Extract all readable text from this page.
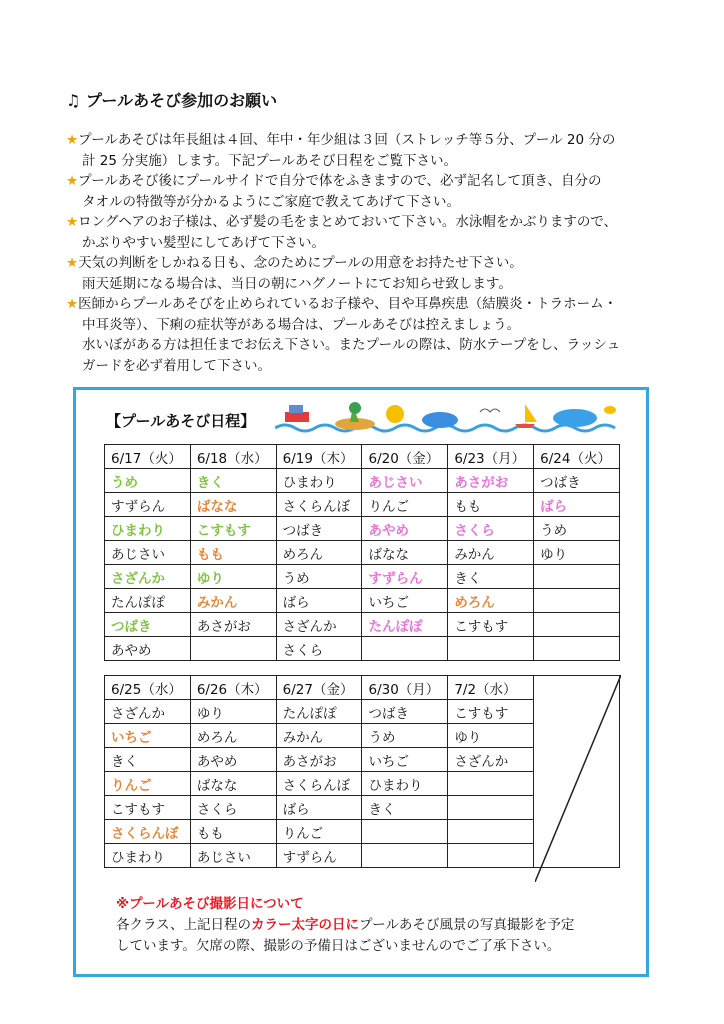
♫ プールあそび参加のお願い
★プールあそびは年長組は４回、年中・年少組は３回（ストレッチ等５分、プール 20 分の
計 25 分実施）します。下記プールあそび日程をご覧下さい。
★プールあそび後にプールサイドで自分で体をふきますので、必ず記名して頂き、自分の
タオルの特徴等が分かるようにご家庭で教えてあげて下さい。
★ロングヘアのお子様は、必ず髪の毛をまとめておいて下さい。水泳帽をかぶりますので、
かぶりやすい髪型にしてあげて下さい。
★天気の判断をしかねる日も、念のためにプールの用意をお持たせ下さい。
雨天延期になる場合は、当日の朝にハグノートにてお知らせ致します。
★医師からプールあそびを止められているお子様や、目や耳鼻疾患（結膜炎・トラホーム・
中耳炎等）、下痢の症状等がある場合は、プールあそびは控えましょう。
水いぼがある方は担任までお伝え下さい。またプールの際は、防水テープをし、ラッシュ
ガードを必ず着用して下さい。
【プールあそび日程】
6/17（火）	6/18（水）	6/19（木）	6/20（金）	6/23（月）	6/24（火）
うめ	きく	ひまわり	あじさい	あさがお	つばき
すずらん	ばなな	さくらんぼ	りんご	もも	ばら
ひまわり	こすもす	つばき	あやめ	さくら	うめ
あじさい	もも	めろん	ばなな	みかん	ゆり
さざんか	ゆり	うめ	すずらん	きく	
たんぽぽ	みかん	ばら	いちご	めろん	
つばき	あさがお	さざんか	たんぽぽ	こすもす	
あやめ		さくら			
6/25（水）	6/26（木）	6/27（金）	6/30（月）	7/2（水）	
さざんか	ゆり	たんぽぽ	つばき	こすもす	
いちご	めろん	みかん	うめ	ゆり	
きく	あやめ	あさがお	いちご	さざんか	
りんご	ばなな	さくらんぼ	ひまわり		
こすもす	さくら	ばら	きく		
さくらんぼ	もも	りんご			
ひまわり	あじさい	すずらん			
※プールあそび撮影日について
各クラス、上記日程のカラー太字の日にプールあそび風景の写真撮影を予定
しています。欠席の際、撮影の予備日はございませんのでご了承下さい。
